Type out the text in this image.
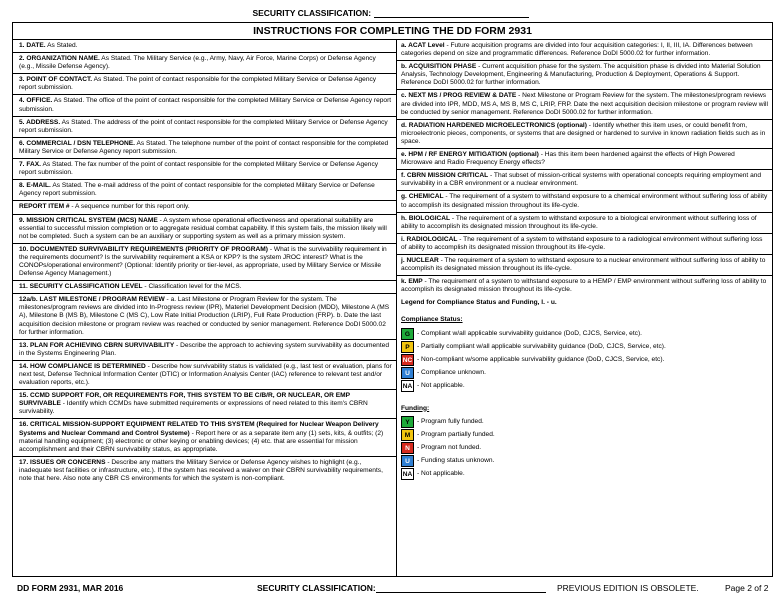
SECURITY CLASSIFICATION:
INSTRUCTIONS FOR COMPLETING THE DD FORM 2931
1. DATE. As Stated.
2. ORGANIZATION NAME. As Stated. The Military Service (e.g., Army, Navy, Air Force, Marine Corps) or Defense Agency (e.g., Missile Defense Agency).
3. POINT OF CONTACT. As Stated. The point of contact responsible for the completed Military Service or Defense Agency report submission.
4. OFFICE. As Stated. The office of the point of contact responsible for the completed Military Service or Defense Agency report submission.
5. ADDRESS. As Stated. The address of the point of contact responsible for the completed Military Service or Defense Agency report submission.
6. COMMERCIAL / DSN TELEPHONE. As Stated. The telephone number of the point of contact responsible for the completed Military Service or Defense Agency report submission.
7. FAX. As Stated. The fax number of the point of contact responsible for the completed Military Service or Defense Agency report submission.
8. E-MAIL. As Stated. The e-mail address of the point of contact responsible for the completed Military Service or Defense Agency report submission.
REPORT ITEM # - A sequence number for this report only.
9. MISSION CRITICAL SYSTEM (MCS) NAME - A system whose operational effectiveness and operational suitability are essential to successful mission completion or to aggregate residual combat capability. If this system fails, the mission likely will not be completed. Such a system can be an auxiliary or supporting system as well as a primary mission system.
10. DOCUMENTED SURVIVABILITY REQUIREMENTS (PRIORITY OF PROGRAM) - What is the survivability requirement in the requirements document? Is the survivability requirement a KSA or KPP? Is the system JROC interest? What is the CONOPs/operational environment? (Optional: Identify priority or tier-level, as appropriate, used by Military Service or Missile Defense Agency Management.)
11. SECURITY CLASSIFICATION LEVEL - Classification level for the MCS.
12a/b. LAST MILESTONE / PROGRAM REVIEW - a. Last Milestone or Program Review for the system. The milestones/program reviews are divided into In-Progress review (IPR), Materiel Development Decision (MDD), Milestone A (MS A), Milestone B (MS B), Milestone C (MS C), Low Rate Initial Production (LRIP), Full Rate Production (FRP). b. Date the last acquisition decision milestone or program review was reached or conducted by senior management. Reference DoDI 5000.02 for further information.
13. PLAN FOR ACHIEVING CBRN SURVIVABILITY - Describe the approach to achieving system survivability as documented in the Systems Engineering Plan.
14. HOW COMPLIANCE IS DETERMINED - Describe how survivability status is validated (e.g., last test or evaluation, plans for next test, Defense Technical Information Center (DTIC) or Information Analysis Center (IAC) reference to relevant test and/or evaluation reports, etc.).
15. CCMD SUPPORT FOR, OR REQUIREMENTS FOR, THIS SYSTEM TO BE C/B/R, OR NUCLEAR, OR EMP SURVIVABLE - Identify which CCMDs have submitted requirements or expressions of need related to this item's CBRN survivability.
16. CRITICAL MISSION-SUPPORT EQUIPMENT RELATED TO THIS SYSTEM (Required for Nuclear Weapon Delivery Systems and Nuclear Command and Control Systeme) - Report here or as a separate item any (1) sets, kits, & outfits; (2) material handling equipment; (3) electronic or other keying or enabling devices; (4) etc. that are essential for mission accomplishment and their CBRN survivability status, as appropriate.
17. ISSUES OR CONCERNS - Describe any matters the Military Service or Defense Agency wishes to highlight (e.g., inadequate test facilities or infrastructure, etc.). If the system has received a waiver on their CBRN survivability requirements, note that here. Also note any CBR CS environments for which the system is non-compliant.
a. ACAT Level - Future acquisition programs are divided into four acquisition categories: I, II, III, IA. Differences between categories depend on size and programmatic differences. Reference DoDI 5000.02 for further information.
b. ACQUISITION PHASE - Current acquisition phase for the system. The acquisition phase is divided into Material Solution Analysis, Technology Development, Engineering & Manufacturing, Production & Deployment, Operations & Support. Reference DoDI 5000.02 for further information.
c. NEXT MS / PROG REVIEW & DATE - Next Milestone or Program Review for the system. The milestones/program reviews are divided into IPR, MDD, MS A, MS B, MS C, LRIP, FRP. Date the next acquisition decision milestone or program review will be conducted by senior management. Reference DoDI 5000.02 for further information.
d. RADIATION HARDENED MICROELECTRONICS (optional) - Identify whether this item uses, or could benefit from, microelectronic pieces, components, or systems that are designed or hardened to survive in known radiation fields such as in space.
e. HPM / RF ENERGY MITIGATION (optional) - Has this item been hardened against the effects of High Powered Microwave and Radio Frequency Energy effects?
f. CBRN MISSION CRITICAL - That subset of mission-critical systems with operational concepts requiring employment and survivability in a CBR environment or a nuclear environment.
g. CHEMICAL - The requirement of a system to withstand exposure to a chemical environment without suffering loss of ability to accomplish its designated mission throughout its life-cycle.
h. BIOLOGICAL - The requirement of a system to withstand exposure to a biological environment without suffering loss of ability to accomplish its designated mission throughout its life-cycle.
i. RADIOLOGICAL - The requirement of a system to withstand exposure to a radiological environment without suffering loss of ability to accomplish its designated mission throughout its life-cycle.
j. NUCLEAR - The requirement of a system to withstand exposure to a nuclear environment without suffering loss of ability to accomplish its designated mission throughout its life-cycle.
k. EMP - The requirement of a system to withstand exposure to a HEMP / EMP environment without suffering loss of ability to accomplish its designated mission throughout its life-cycle.
Legend for Compliance Status and Funding, l. - u.
Compliance Status:
G	- Compliant w/all applicable survivability guidance (DoD, CJCS, Service, etc).
P	- Partially compliant w/all applicable survivability guidance (DoD, CJCS, Service, etc).
NC - Non-compliant w/some applicable survivability guidance (DoD, CJCS, Service, etc).
U	- Compliance unknown.
NA - Not applicable.
Funding:
Y	- Program fully funded.
M	- Program partially funded.
N	- Program not funded.
U	- Funding status unknown.
NA - Not applicable.
DD FORM 2931, MAR 2016	SECURITY CLASSIFICATION:	PREVIOUS EDITION IS OBSOLETE.	Page 2 of 2
